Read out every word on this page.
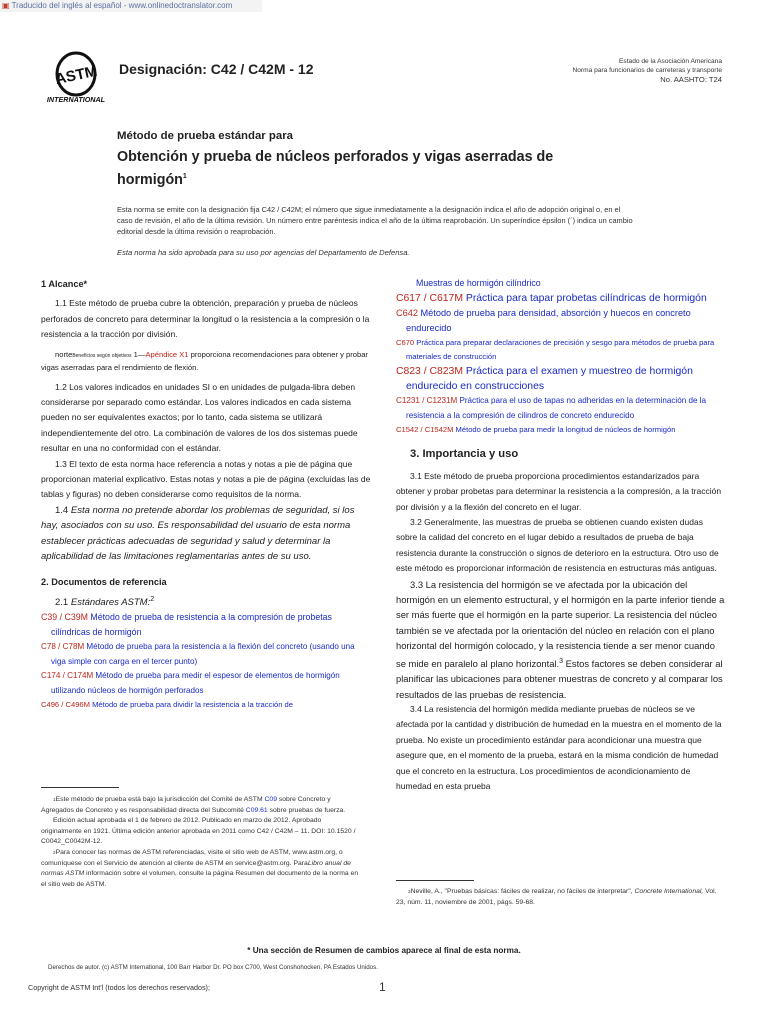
▣ Traducido del inglés al español - www.onlinedoctranslator.com
ASTM
INTERNATIONAL
Designación: C42 / C42M - 12	Estado de la Asociación Americana
Norma para funcionarios de carreteras y transporte
No. AASHTO: T24
Método de prueba estándar para
Obtención y prueba de núcleos perforados y vigas aserradas de
hormigón$^1$
Esta norma se emite con la designación fija C42 / C42M; el número que sigue inmediatamente a la designación indica el año de adopción original o, en el caso de revisión, el año de la última revisión. Un número entre paréntesis indica el año de la última reaprobación. Un superíndice épsilon (´) indica un cambio editorial desde la última revisión o reaprobación.
Esta norma ha sido aprobada para su uso por agencias del Departamento de Defensa.

1 Alcance*

1.1 Este método de prueba cubre la obtención, preparación y prueba de núcleos perforados de concreto para determinar la longitud o la resistencia a la compresión o la resistencia a la tracción por división.

norteBeneficios según objetivos 1—Apéndice X1 proporciona recomendaciones para obtener y probar vigas aserradas para el rendimiento de flexión.

1.2 Los valores indicados en unidades SI o en unidades de pulgada-libra deben considerarse por separado como estándar. Los valores indicados en cada sistema pueden no ser equivalentes exactos; por lo tanto, cada sistema se utilizará independientemente del otro. La combinación de valores de los dos sistemas puede resultar en una no conformidad con el estándar.

1.3 El texto de esta norma hace referencia a notas y notas a pie de página que proporcionan material explicativo. Estas notas y notas a pie de página (excluidas las de tablas y figuras) no deben considerarse como requisitos de la norma.

1.4 Esta norma no pretende abordar los problemas de seguridad, si los hay, asociados con su uso. Es responsabilidad del usuario de esta norma establecer prácticas adecuadas de seguridad y salud y determinar la aplicabilidad de las limitaciones reglamentarias antes de su uso.

2. Documentos de referencia

2.1 Estándares ASTM:$^2$

C39 / C39M Método de prueba de resistencia a la compresión de probetas cilíndricas de hormigón

C78 / C78M Método de prueba para la resistencia a la flexión del concreto (usando una viga simple con carga en el tercer punto)

C174 / C174M Método de prueba para medir el espesor de elementos de hormigón utilizando núcleos de hormigón perforados

C496 / C496M Método de prueba para dividir la resistencia a la tracción de

1Este método de prueba está bajo la jurisdicción del Comité de ASTM C09 sobre Concreto y Agregados de Concreto y es responsabilidad directa del Subcomité C09.61 sobre pruebas de fuerza.

Edición actual aprobada el 1 de febrero de 2012. Publicado en marzo de 2012. Aprobado originalmente en 1921. Última edición anterior aprobada en 2011 como C42 / C42M – 11. DOI: 10.1520 / C0042_C0042M-12.

2Para conocer las normas de ASTM referenciadas, visite el sitio web de ASTM, www.astm.org, o comuníquese con el Servicio de atención al cliente de ASTM en service@astm.org. ParaLibro anual de normas ASTM información sobre el volumen, consulte la página Resumen del documento de la norma en el sitio web de ASTM.

Muestras de hormigón cilíndrico

C617 / C617M Práctica para tapar probetas cilíndricas de hormigón

C642 Método de prueba para densidad, absorción y huecos en concreto endurecido

C670 Práctica para preparar declaraciones de precisión y sesgo para métodos de prueba para materiales de construcción

C823 / C823M Práctica para el examen y muestreo de hormigón endurecido en construcciones

C1231 / C1231M Práctica para el uso de tapas no adheridas en la determinación de la resistencia a la compresión de cilindros de concreto endurecido

C1542 / C1542M Método de prueba para medir la longitud de núcleos de hormigón

3. Importancia y uso

3.1 Este método de prueba proporciona procedimientos estandarizados para obtener y probar probetas para determinar la resistencia a la compresión, a la tracción por división y a la flexión del concreto en el lugar.

3.2 Generalmente, las muestras de prueba se obtienen cuando existen dudas sobre la calidad del concreto en el lugar debido a resultados de prueba de baja resistencia durante la construcción o signos de deterioro en la estructura. Otro uso de este método es proporcionar información de resistencia en estructuras más antiguas.

3.3 La resistencia del hormigón se ve afectada por la ubicación del hormigón en un elemento estructural, y el hormigón en la parte inferior tiende a ser más fuerte que el hormigón en la parte superior. La resistencia del núcleo también se ve afectada por la orientación del núcleo en relación con el plano horizontal del hormigón colocado, y la resistencia tiende a ser menor cuando se mide en paralelo al plano horizontal.$^3$ Estos factores se deben considerar al planificar las ubicaciones para obtener muestras de concreto y al comparar los resultados de las pruebas de resistencia.

3.4 La resistencia del hormigón medida mediante pruebas de núcleos se ve afectada por la cantidad y distribución de humedad en la muestra en el momento de la prueba. No existe un procedimiento estándar para acondicionar una muestra que asegure que, en el momento de la prueba, estará en la misma condición de humedad que el concreto en la estructura. Los procedimientos de acondicionamiento de humedad en esta prueba

3Neville, A., "Pruebas básicas: fáciles de realizar, no fáciles de interpretar", Concrete International, Vol. 23, núm. 11, noviembre de 2001, págs. 59-68.

* Una sección de Resumen de cambios aparece al final de esta norma.
Derechos de autor. (c) ASTM International, 100 Barr Harbor Dr. PO box C700, West Conshohocken, PA Estados Unidos.
Copyright de ASTM Int'l (todos los derechos reservados);	1
